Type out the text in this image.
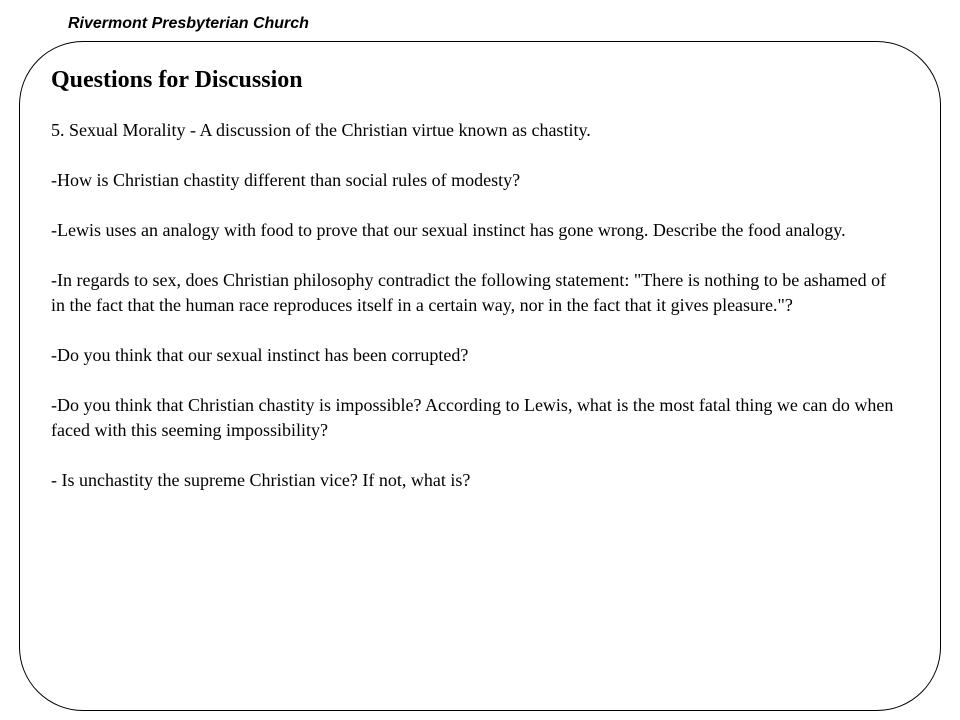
Rivermont Presbyterian Church
Questions for Discussion
5. Sexual Morality - A discussion of the Christian virtue known as chastity.
-How is Christian chastity different than social rules of modesty?
-Lewis uses an analogy with food to prove that our sexual instinct has gone wrong. Describe the food analogy.
-In regards to sex, does Christian philosophy contradict the following statement: "There is nothing to be ashamed of in the fact that the human race reproduces itself in a certain way, nor in the fact that it gives pleasure."?
-Do you think that our sexual instinct has been corrupted?
-Do you think that Christian chastity is impossible? According to Lewis, what is the most fatal thing we can do when faced with this seeming impossibility?
- Is unchastity the supreme Christian vice? If not, what is?
